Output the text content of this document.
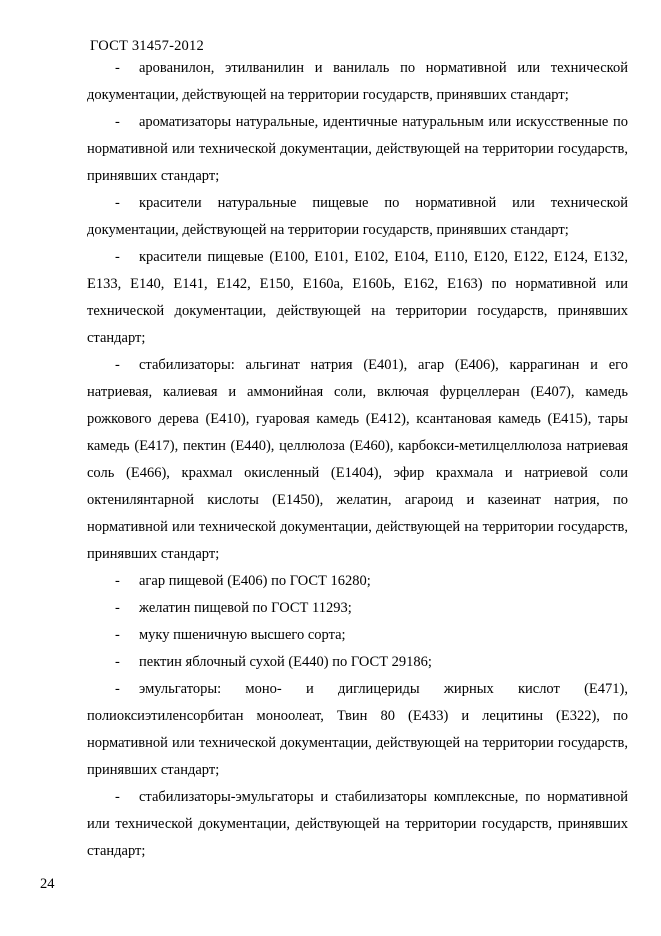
ГОСТ 31457-2012

- арованилон, этилванилин и ванилаль по нормативной или технической документации, действующей на территории государств, принявших стандарт;

- ароматизаторы натуральные, идентичные натуральным или искусственные по нормативной или технической документации, действующей на территории государств, принявших стандарт;

- красители натуральные пищевые по нормативной или технической документации, действующей на территории государств, принявших стандарт;

- красители пищевые (Е100, Е101, Е102, Е104, Е110, Е120, Е122, Е124, Е132, Е133, Е140, Е141, Е142, Е150, Е160а, Е160Ь, Е162, Е163) по нормативной или технической документации, действующей на территории государств, принявших стандарт;

- стабилизаторы: альгинат натрия (Е401), агар (Е406), каррагинан и его натриевая, калиевая и аммонийная соли, включая фурцеллеран (Е407), камедь рожкового дерева (Е410), гуаровая камедь (Е412), ксантановая камедь (Е415), тары камедь (Е417), пектин (Е440), целлюлоза (Е460), карбокси-метилцеллюлоза натриевая соль (Е466), крахмал окисленный (Е1404), эфир крахмала и натриевой соли октенилянтарной кислоты (Е1450), желатин, агароид и казеинат натрия, по нормативной или технической документации, действующей на территории государств, принявших стандарт;

- агар пищевой (Е406) по ГОСТ 16280;

- желатин пищевой по ГОСТ 11293;

- муку пшеничную высшего сорта;

- пектин яблочный сухой (Е440) по ГОСТ 29186;

- эмульгаторы: моно- и диглицериды жирных кислот (Е471), полиоксиэтиленсорбитан моноолеат, Твин 80 (Е433) и лецитины (Е322), по нормативной или технической документации, действующей на территории государств, принявших стандарт;

- стабилизаторы-эмульгаторы и стабилизаторы комплексные, по нормативной или технической документации, действующей на территории государств, принявших стандарт;

24
